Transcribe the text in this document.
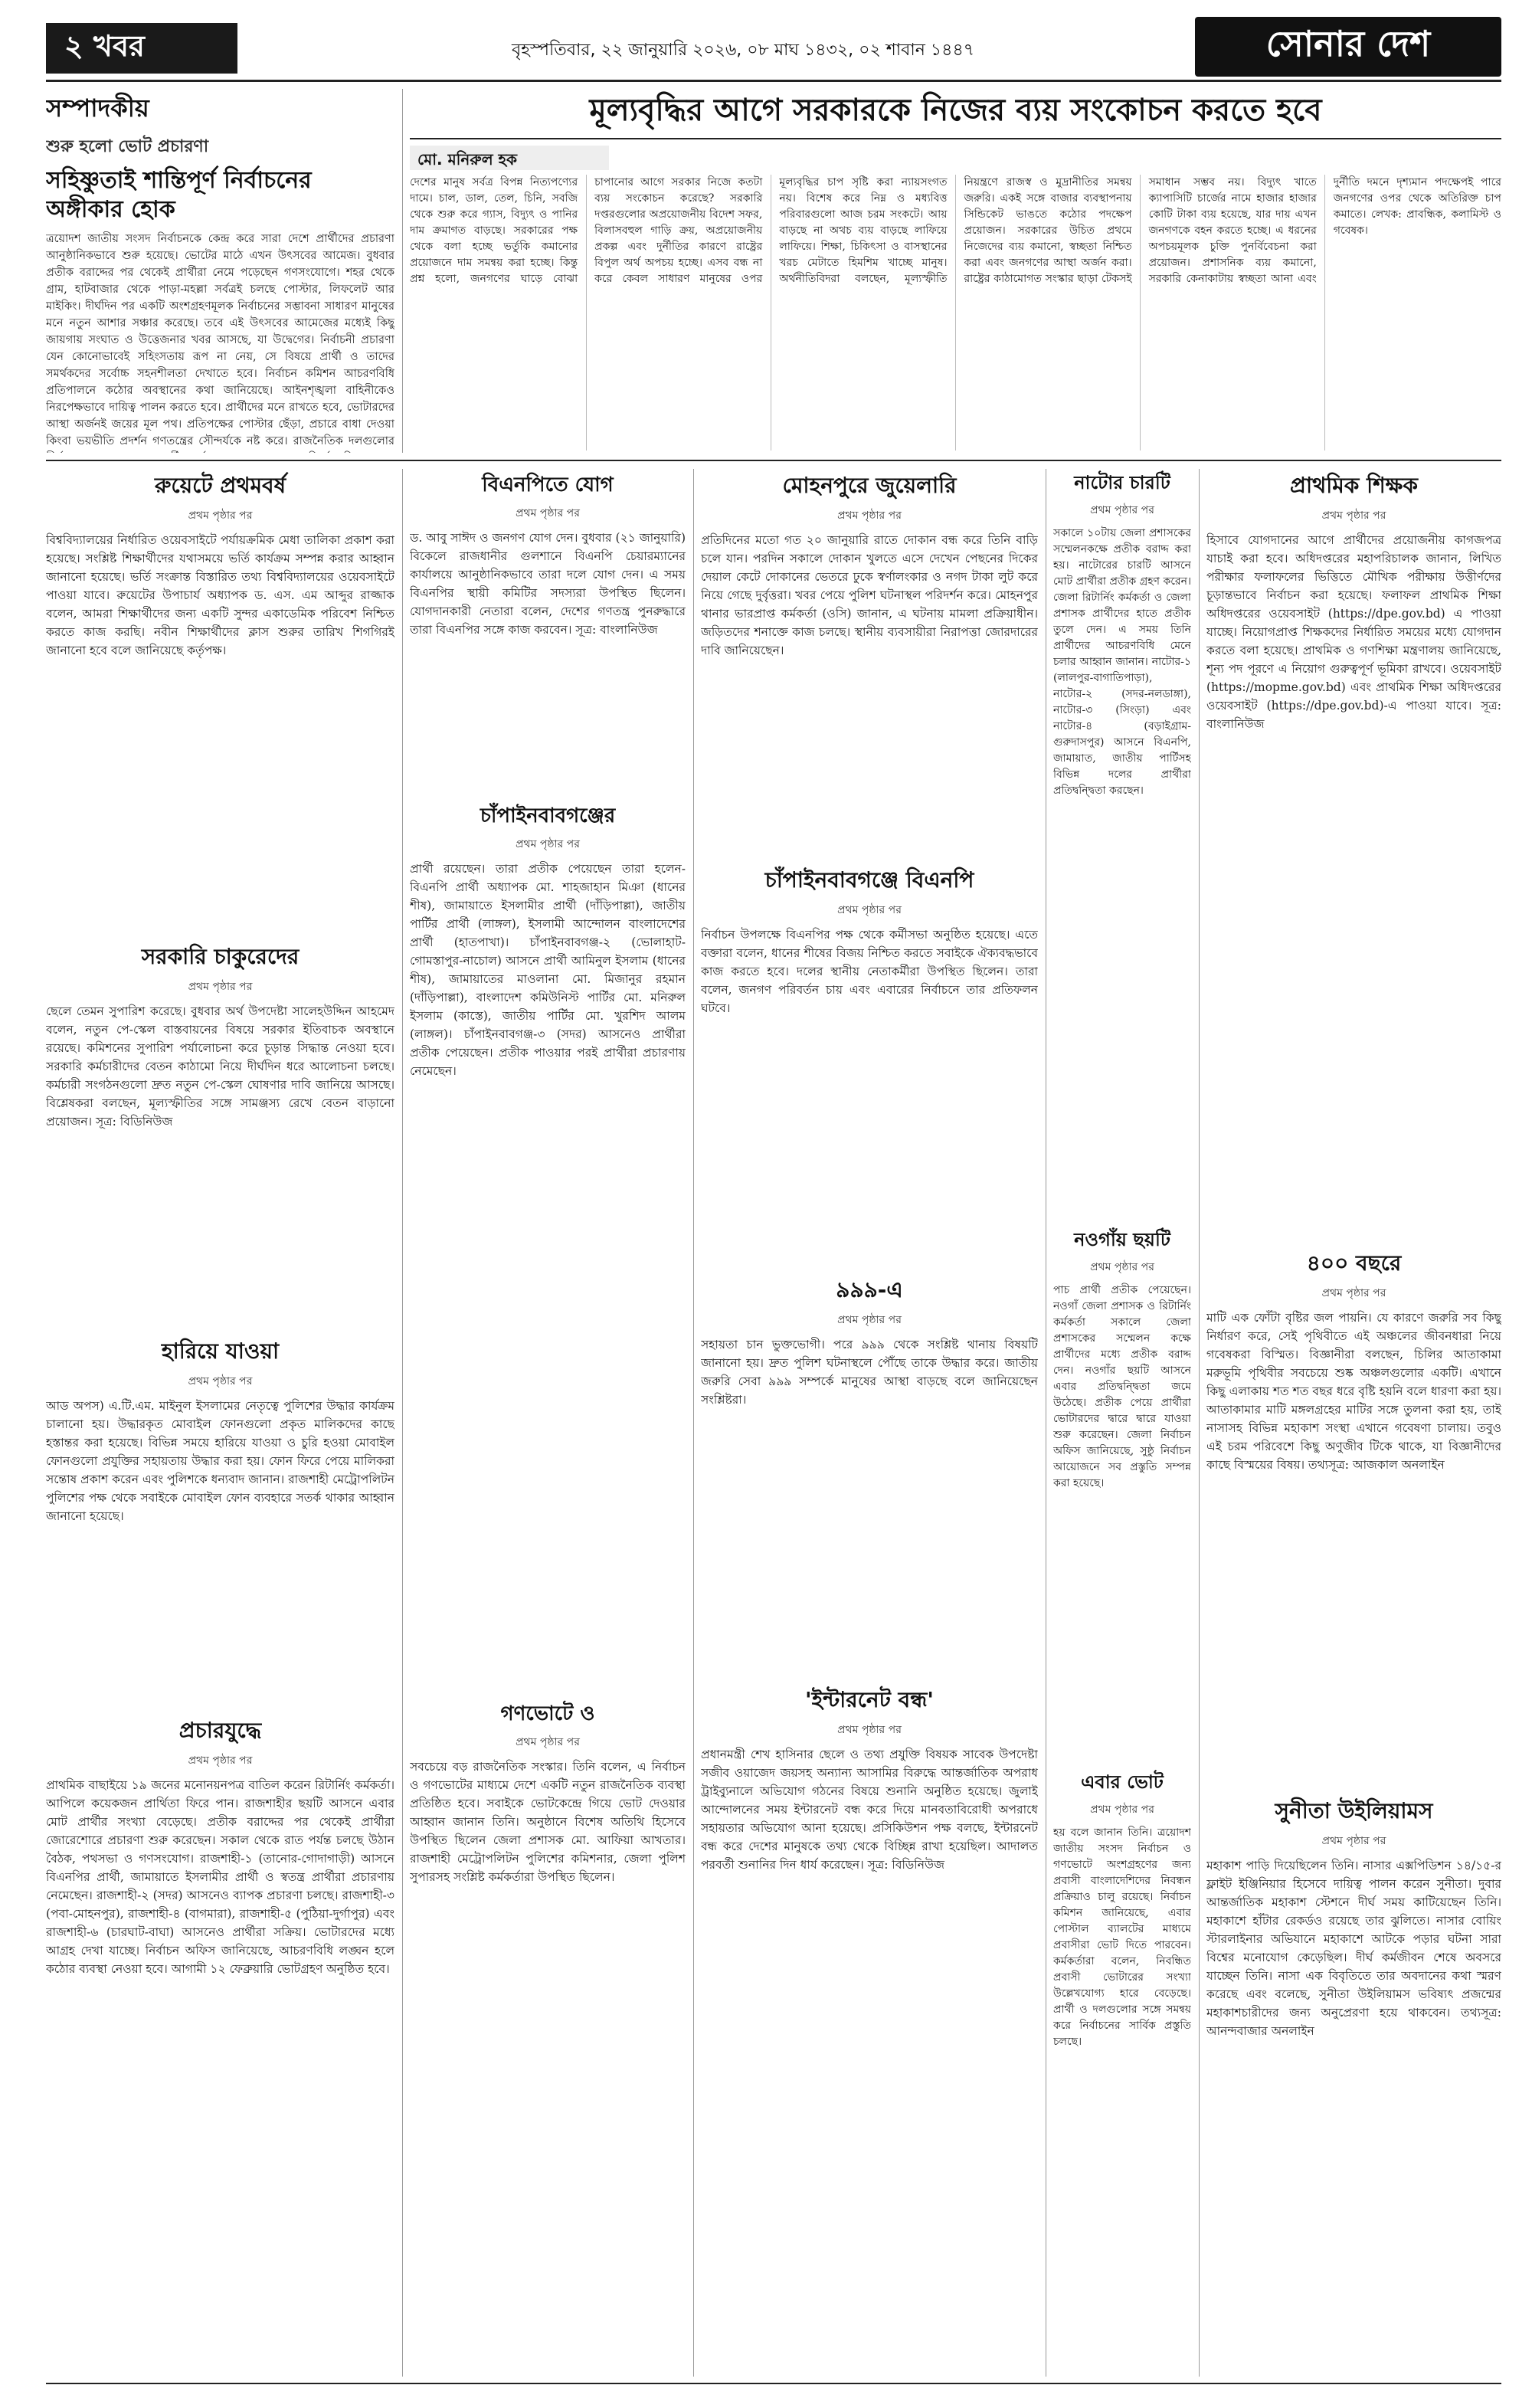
২ খবর	বৃহস্পতিবার, ২২ জানুয়ারি ২০২৬, ০৮ মাঘ ১৪৩২, ০২ শাবান ১৪৪৭	সোনার দেশ
সম্পাদকীয়
শুরু হলো ভোট প্রচারণা
সহিষ্ণুতাই শান্তিপূর্ণ নির্বাচনের অঙ্গীকার হোক
ত্রয়োদশ জাতীয় সংসদ নির্বাচনকে কেন্দ্র করে সারা দেশে প্রার্থীদের প্রচারণা আনুষ্ঠানিকভাবে শুরু হয়েছে। ভোটের মাঠে এখন উৎসবের আমেজ। বুধবার প্রতীক বরাদ্দের পর থেকেই প্রার্থীরা নেমে পড়েছেন গণসংযোগে। শহর থেকে গ্রাম, হাটবাজার থেকে পাড়া-মহল্লা সর্বত্রই চলছে পোস্টার, লিফলেট আর মাইকিং। দীর্ঘদিন পর একটি অংশগ্রহণমূলক নির্বাচনের সম্ভাবনা সাধারণ মানুষের মনে নতুন আশার সঞ্চার করেছে। তবে এই উৎসবের আমেজের মধ্যেই কিছু জায়গায় সংঘাত ও উত্তেজনার খবর আসছে, যা উদ্বেগের। নির্বাচনী প্রচারণা যেন কোনোভাবেই সহিংসতায় রূপ না নেয়, সে বিষয়ে প্রার্থী ও তাদের সমর্থকদের সর্বোচ্চ সহনশীলতা দেখাতে হবে। নির্বাচন কমিশন আচরণবিধি প্রতিপালনে কঠোর অবস্থানের কথা জানিয়েছে। আইনশৃঙ্খলা বাহিনীকেও নিরপেক্ষভাবে দায়িত্ব পালন করতে হবে। প্রার্থীদের মনে রাখতে হবে, ভোটারদের আস্থা অর্জনই জয়ের মূল পথ। প্রতিপক্ষের পোস্টার ছেঁড়া, প্রচারে বাধা দেওয়া কিংবা ভয়ভীতি প্রদর্শন গণতন্ত্রের সৌন্দর্যকে নষ্ট করে। রাজনৈতিক দলগুলোর
মূল্যবৃদ্ধির আগে সরকারকে নিজের ব্যয় সংকোচন করতে হবে
মো. মনিরুল হক
দেশের মানুষ সর্বত্র বিপন্ন নিত্যপণ্যের দামে। চাল, ডাল, তেল, চিনি, সবজি থেকে শুরু করে গ্যাস, বিদ্যুৎ ও পানির দাম ক্রমাগত বাড়ছে। সরকারের পক্ষ থেকে বলা হচ্ছে ভর্তুকি কমানোর প্রয়োজনে দাম সমন্বয় করা হচ্ছে। কিন্তু প্রশ্ন হলো, জনগণের ঘাড়ে বোঝা চাপানোর আগে সরকার নিজে কতটা ব্যয় সংকোচন করেছে? সরকারি দপ্তরগুলোর অপ্রয়োজনীয় বিদেশ সফর, বিলাসবহুল গাড়ি ক্রয়, অপ্রয়োজনীয় প্রকল্প এবং দুর্নীতির কারণে রাষ্ট্রের বিপুল অর্থ অপচয় হচ্ছে। এসব বন্ধ না করে কেবল সাধারণ মানুষের ওপর মূল্যবৃদ্ধির চাপ সৃষ্টি করা ন্যায়সংগত নয়। বিশেষ করে নিম্ন ও মধ্যবিত্ত পরিবারগুলো আজ চরম সংকটে। আয় বাড়ছে না অথচ ব্যয় বাড়ছে লাফিয়ে লাফিয়ে। শিক্ষা, চিকিৎসা ও বাসস্থানের খরচ মেটাতে হিমশিম খাচ্ছে মানুষ। অর্থনীতিবিদরা বলছেন, মূল্যস্ফীতি নিয়ন্ত্রণে রাজস্ব ও মুদ্রানীতির সমন্বয় জরুরি। একই সঙ্গে বাজার ব্যবস্থাপনায় সিন্ডিকেট ভাঙতে কঠোর পদক্ষেপ প্রয়োজন। সরকারের উচিত প্রথমে নিজেদের ব্যয় কমানো, স্বচ্ছতা নিশ্চিত করা এবং জনগণের আস্থা অর্জন করা। রাষ্ট্রের কাঠামোগত সংস্কার ছাড়া টেকসই সমাধান সম্ভব নয়। বিদ্যুৎ খাতে ক্যাপাসিটি চার্জের নামে হাজার হাজার কোটি টাকা ব্যয় হয়েছে, যার দায় এখন জনগণকে বহন করতে হচ্ছে। এ ধরনের অপচয়মূলক চুক্তি পুনর্বিবেচনা করা প্রয়োজন। প্রশাসনিক ব্যয় কমানো, সরকারি কেনাকাটায় স্বচ্ছতা আনা এবং দুর্নীতি দমনে দৃশ্যমান পদক্ষেপই পারে জনগণের ওপর থেকে অতিরিক্ত চাপ কমাতে। লেখক: প্রাবন্ধিক, কলামিস্ট ও গবেষক।
রুয়েটে প্রথমবর্ষ
প্রথম পৃষ্ঠার পর
বিশ্ববিদ্যালয়ের নির্ধারিত ওয়েবসাইটে পর্যায়ক্রমিক মেধা তালিকা প্রকাশ করা হয়েছে। সংশ্লিষ্ট শিক্ষার্থীদের যথাসময়ে ভর্তি কার্যক্রম সম্পন্ন করার আহ্বান জানানো হয়েছে। ভর্তি সংক্রান্ত বিস্তারিত তথ্য বিশ্ববিদ্যালয়ের ওয়েবসাইটে পাওয়া যাবে। রুয়েটের উপাচার্য অধ্যাপক ড. এস. এম আব্দুর রাজ্জাক বলেন, আমরা শিক্ষার্থীদের জন্য একটি সুন্দর একাডেমিক পরিবেশ নিশ্চিত করতে কাজ করছি। নবীন শিক্ষার্থীদের ক্লাস শুরুর তারিখ শিগগিরই জানানো হবে বলে জানিয়েছে কর্তৃপক্ষ।
সরকারি চাকুরেদের
প্রথম পৃষ্ঠার পর
ছেলে তেমন সুপারিশ করেছে। বুধবার অর্থ উপদেষ্টা সালেহউদ্দিন আহমেদ বলেন, নতুন পে-স্কেল বাস্তবায়নের বিষয়ে সরকার ইতিবাচক অবস্থানে রয়েছে। কমিশনের সুপারিশ পর্যালোচনা করে চূড়ান্ত সিদ্ধান্ত নেওয়া হবে। সরকারি কর্মচারীদের বেতন কাঠামো নিয়ে দীর্ঘদিন ধরে আলোচনা চলছে। কর্মচারী সংগঠনগুলো দ্রুত নতুন পে-স্কেল ঘোষণার দাবি জানিয়ে আসছে। বিশ্লেষকরা বলছেন, মূল্যস্ফীতির সঙ্গে সামঞ্জস্য রেখে বেতন বাড়ানো প্রয়োজন। সূত্র: বিডিনিউজ
হারিয়ে যাওয়া
প্রথম পৃষ্ঠার পর
আড অপস) এ.টি.এম. মাইনুল ইসলামের নেতৃত্বে পুলিশের উদ্ধার কার্যক্রম চালানো হয়। উদ্ধারকৃত মোবাইল ফোনগুলো প্রকৃত মালিকদের কাছে হস্তান্তর করা হয়েছে। বিভিন্ন সময়ে হারিয়ে যাওয়া ও চুরি হওয়া মোবাইল ফোনগুলো প্রযুক্তির সহায়তায় উদ্ধার করা হয়। ফোন ফিরে পেয়ে মালিকরা সন্তোষ প্রকাশ করেন এবং পুলিশকে ধন্যবাদ জানান। রাজশাহী মেট্রোপলিটন পুলিশের পক্ষ থেকে সবাইকে মোবাইল ফোন ব্যবহারে সতর্ক থাকার আহ্বান জানানো হয়েছে।
প্রচারযুদ্ধে
প্রথম পৃষ্ঠার পর
প্রাথমিক বাছাইয়ে ১৯ জনের মনোনয়নপত্র বাতিল করেন রিটার্নিং কর্মকর্তা। আপিলে কয়েকজন প্রার্থিতা ফিরে পান। রাজশাহীর ছয়টি আসনে এবার মোট প্রার্থীর সংখ্যা বেড়েছে। প্রতীক বরাদ্দের পর থেকেই প্রার্থীরা জোরেশোরে প্রচারণা শুরু করেছেন। সকাল থেকে রাত পর্যন্ত চলছে উঠান বৈঠক, পথসভা ও গণসংযোগ। রাজশাহী-১ (তানোর-গোদাগাড়ী) আসনে বিএনপির প্রার্থী, জামায়াতে ইসলামীর প্রার্থী ও স্বতন্ত্র প্রার্থীরা প্রচারণায় নেমেছেন। রাজশাহী-২ (সদর) আসনেও ব্যাপক প্রচারণা চলছে। রাজশাহী-৩ (পবা-মোহনপুর), রাজশাহী-৪ (বাগমারা), রাজশাহী-৫ (পুঠিয়া-দুর্গাপুর) এবং রাজশাহী-৬ (চারঘাট-বাঘা) আসনেও প্রার্থীরা সক্রিয়। ভোটারদের মধ্যে আগ্রহ দেখা যাচ্ছে। নির্বাচন অফিস জানিয়েছে, আচরণবিধি লঙ্ঘন হলে কঠোর ব্যবস্থা নেওয়া হবে। আগামী ১২ ফেব্রুয়ারি ভোটগ্রহণ অনুষ্ঠিত হবে।
বিএনপিতে যোগ
প্রথম পৃষ্ঠার পর
ড. আবু সাঈদ ও জনগণ যোগ দেন। বুধবার (২১ জানুয়ারি) বিকেলে রাজধানীর গুলশানে বিএনপি চেয়ারম্যানের কার্যালয়ে আনুষ্ঠানিকভাবে তারা দলে যোগ দেন। এ সময় বিএনপির স্থায়ী কমিটির সদস্যরা উপস্থিত ছিলেন। যোগদানকারী নেতারা বলেন, দেশের গণতন্ত্র পুনরুদ্ধারে তারা বিএনপির সঙ্গে কাজ করবেন। সূত্র: বাংলানিউজ
চাঁপাইনবাবগঞ্জের
প্রথম পৃষ্ঠার পর
প্রার্থী রয়েছেন। তারা প্রতীক পেয়েছেন তারা হলেন- বিএনপি প্রার্থী অধ্যাপক মো. শাহজাহান মিঞা (ধানের শীষ), জামায়াতে ইসলামীর প্রার্থী (দাঁড়িপাল্লা), জাতীয় পার্টির প্রার্থী (লাঙ্গল), ইসলামী আন্দোলন বাংলাদেশের প্রার্থী (হাতপাখা)। চাঁপাইনবাবগঞ্জ-২ (ভোলাহাট-গোমস্তাপুর-নাচোল) আসনে প্রার্থী আমিনুল ইসলাম (ধানের শীষ), জামায়াতের মাওলানা মো. মিজানুর রহমান (দাঁড়িপাল্লা), বাংলাদেশ কমিউনিস্ট পার্টির মো. মনিরুল ইসলাম (কাস্তে), জাতীয় পার্টির মো. খুরশিদ আলম (লাঙ্গল)। চাঁপাইনবাবগঞ্জ-৩ (সদর) আসনেও প্রার্থীরা প্রতীক পেয়েছেন। প্রতীক পাওয়ার পরই প্রার্থীরা প্রচারণায় নেমেছেন।
গণভোটে ও
প্রথম পৃষ্ঠার পর
সবচেয়ে বড় রাজনৈতিক সংস্কার। তিনি বলেন, এ নির্বাচন ও গণভোটের মাধ্যমে দেশে একটি নতুন রাজনৈতিক ব্যবস্থা প্রতিষ্ঠিত হবে। সবাইকে ভোটকেন্দ্রে গিয়ে ভোট দেওয়ার আহ্বান জানান তিনি। অনুষ্ঠানে বিশেষ অতিথি হিসেবে উপস্থিত ছিলেন জেলা প্রশাসক মো. আফিয়া আখতার। রাজশাহী মেট্রোপলিটন পুলিশের কমিশনার, জেলা পুলিশ সুপারসহ সংশ্লিষ্ট কর্মকর্তারা উপস্থিত ছিলেন।
মোহনপুরে জুয়েলারি
প্রথম পৃষ্ঠার পর
প্রতিদিনের মতো গত ২০ জানুয়ারি রাতে দোকান বন্ধ করে তিনি বাড়ি চলে যান। পরদিন সকালে দোকান খুলতে এসে দেখেন পেছনের দিকের দেয়াল কেটে দোকানের ভেতরে ঢুকে স্বর্ণালংকার ও নগদ টাকা লুট করে নিয়ে গেছে দুর্বৃত্তরা। খবর পেয়ে পুলিশ ঘটনাস্থল পরিদর্শন করে। মোহনপুর থানার ভারপ্রাপ্ত কর্মকর্তা (ওসি) জানান, এ ঘটনায় মামলা প্রক্রিয়াধীন। জড়িতদের শনাক্তে কাজ চলছে। স্থানীয় ব্যবসায়ীরা নিরাপত্তা জোরদারের দাবি জানিয়েছেন।
চাঁপাইনবাবগঞ্জে বিএনপি
প্রথম পৃষ্ঠার পর
নির্বাচন উপলক্ষে বিএনপির পক্ষ থেকে কর্মীসভা অনুষ্ঠিত হয়েছে। এতে বক্তারা বলেন, ধানের শীষের বিজয় নিশ্চিত করতে সবাইকে ঐক্যবদ্ধভাবে কাজ করতে হবে। দলের স্থানীয় নেতাকর্মীরা উপস্থিত ছিলেন। তারা বলেন, জনগণ পরিবর্তন চায় এবং এবারের নির্বাচনে তার প্রতিফলন ঘটবে।
৯৯৯-এ
প্রথম পৃষ্ঠার পর
সহায়তা চান ভুক্তভোগী। পরে ৯৯৯ থেকে সংশ্লিষ্ট থানায় বিষয়টি জানানো হয়। দ্রুত পুলিশ ঘটনাস্থলে পৌঁছে তাকে উদ্ধার করে। জাতীয় জরুরি সেবা ৯৯৯ সম্পর্কে মানুষের আস্থা বাড়ছে বলে জানিয়েছেন সংশ্লিষ্টরা।
'ইন্টারনেট বন্ধ'
প্রথম পৃষ্ঠার পর
প্রধানমন্ত্রী শেখ হাসিনার ছেলে ও তথ্য প্রযুক্তি বিষয়ক সাবেক উপদেষ্টা সজীব ওয়াজেদ জয়সহ অন্যান্য আসামির বিরুদ্ধে আন্তর্জাতিক অপরাধ ট্রাইব্যুনালে অভিযোগ গঠনের বিষয়ে শুনানি অনুষ্ঠিত হয়েছে। জুলাই আন্দোলনের সময় ইন্টারনেট বন্ধ করে দিয়ে মানবতাবিরোধী অপরাধে সহায়তার অভিযোগ আনা হয়েছে। প্রসিকিউশন পক্ষ বলছে, ইন্টারনেট বন্ধ করে দেশের মানুষকে তথ্য থেকে বিচ্ছিন্ন রাখা হয়েছিল। আদালত পরবর্তী শুনানির দিন ধার্য করেছেন। সূত্র: বিডিনিউজ
নাটোর চারটি
প্রথম পৃষ্ঠার পর
সকালে ১০টায় জেলা প্রশাসকের সম্মেলনকক্ষে প্রতীক বরাদ্দ করা হয়। নাটোরের চারটি আসনে মোট প্রার্থীরা প্রতীক গ্রহণ করেন। জেলা রিটার্নিং কর্মকর্তা ও জেলা প্রশাসক প্রার্থীদের হাতে প্রতীক তুলে দেন। এ সময় তিনি প্রার্থীদের আচরণবিধি মেনে চলার আহ্বান জানান। নাটোর-১ (লালপুর-বাগাতিপাড়া), নাটোর-২ (সদর-নলডাঙ্গা), নাটোর-৩ (সিংড়া) এবং নাটোর-৪ (বড়াইগ্রাম-গুরুদাসপুর) আসনে বিএনপি, জামায়াত, জাতীয় পার্টিসহ বিভিন্ন দলের প্রার্থীরা প্রতিদ্বন্দ্বিতা করছেন।
নওগাঁয় ছয়টি
প্রথম পৃষ্ঠার পর
পাচ প্রার্থী প্রতীক পেয়েছেন। নওগাঁ জেলা প্রশাসক ও রিটার্নিং কর্মকর্তা সকালে জেলা প্রশাসকের সম্মেলন কক্ষে প্রার্থীদের মধ্যে প্রতীক বরাদ্দ দেন। নওগাঁর ছয়টি আসনে এবার প্রতিদ্বন্দ্বিতা জমে উঠেছে। প্রতীক পেয়ে প্রার্থীরা ভোটারদের দ্বারে দ্বারে যাওয়া শুরু করেছেন। জেলা নির্বাচন অফিস জানিয়েছে, সুষ্ঠু নির্বাচন আয়োজনে সব প্রস্তুতি সম্পন্ন করা হয়েছে।
এবার ভোট
প্রথম পৃষ্ঠার পর
হয় বলে জানান তিনি। ত্রয়োদশ জাতীয় সংসদ নির্বাচন ও গণভোটে অংশগ্রহণের জন্য প্রবাসী বাংলাদেশিদের নিবন্ধন প্রক্রিয়াও চালু রয়েছে। নির্বাচন কমিশন জানিয়েছে, এবার পোস্টাল ব্যালটের মাধ্যমে প্রবাসীরা ভোট দিতে পারবেন। কর্মকর্তারা বলেন, নিবন্ধিত প্রবাসী ভোটারের সংখ্যা উল্লেখযোগ্য হারে বেড়েছে। প্রার্থী ও দলগুলোর সঙ্গে সমন্বয় করে নির্বাচনের সার্বিক প্রস্তুতি চলছে।
প্রাথমিক শিক্ষক
প্রথম পৃষ্ঠার পর
হিসাবে যোগদানের আগে প্রার্থীদের প্রয়োজনীয় কাগজপত্র যাচাই করা হবে। অধিদপ্তরের মহাপরিচালক জানান, লিখিত পরীক্ষার ফলাফলের ভিত্তিতে মৌখিক পরীক্ষায় উত্তীর্ণদের চূড়ান্তভাবে নির্বাচন করা হয়েছে। ফলাফল প্রাথমিক শিক্ষা অধিদপ্তরের ওয়েবসাইট (https://dpe.gov.bd) এ পাওয়া যাচ্ছে। নিয়োগপ্রাপ্ত শিক্ষকদের নির্ধারিত সময়ের মধ্যে যোগদান করতে বলা হয়েছে। প্রাথমিক ও গণশিক্ষা মন্ত্রণালয় জানিয়েছে, শূন্য পদ পূরণে এ নিয়োগ গুরুত্বপূর্ণ ভূমিকা রাখবে। ওয়েবসাইট (https://mopme.gov.bd) এবং প্রাথমিক শিক্ষা অধিদপ্তরের ওয়েবসাইট (https://dpe.gov.bd)-এ পাওয়া যাবে। সূত্র: বাংলানিউজ
৪০০ বছরে
প্রথম পৃষ্ঠার পর
মাটি এক ফোঁটা বৃষ্টির জল পায়নি। যে কারণে জরুরি সব কিছু নির্ধারণ করে, সেই পৃথিবীতে এই অঞ্চলের জীবনধারা নিয়ে গবেষকরা বিস্মিত। বিজ্ঞানীরা বলছেন, চিলির আতাকামা মরুভূমি পৃথিবীর সবচেয়ে শুষ্ক অঞ্চলগুলোর একটি। এখানে কিছু এলাকায় শত শত বছর ধরে বৃষ্টি হয়নি বলে ধারণা করা হয়। আতাকামার মাটি মঙ্গলগ্রহের মাটির সঙ্গে তুলনা করা হয়, তাই নাসাসহ বিভিন্ন মহাকাশ সংস্থা এখানে গবেষণা চালায়। তবুও এই চরম পরিবেশে কিছু অণুজীব টিকে থাকে, যা বিজ্ঞানীদের কাছে বিস্ময়ের বিষয়। তথ্যসূত্র: আজকাল অনলাইন
সুনীতা উইলিয়ামস
প্রথম পৃষ্ঠার পর
মহাকাশ পাড়ি দিয়েছিলেন তিনি। নাসার এক্সপিডিশন ১৪/১৫-র ফ্লাইট ইঞ্জিনিয়ার হিসেবে দায়িত্ব পালন করেন সুনীতা। দুবার আন্তর্জাতিক মহাকাশ স্টেশনে দীর্ঘ সময় কাটিয়েছেন তিনি। মহাকাশে হাঁটার রেকর্ডও রয়েছে তার ঝুলিতে। নাসার বোয়িং স্টারলাইনার অভিযানে মহাকাশে আটকে পড়ার ঘটনা সারা বিশ্বের মনোযোগ কেড়েছিল। দীর্ঘ কর্মজীবন শেষে অবসরে যাচ্ছেন তিনি। নাসা এক বিবৃতিতে তার অবদানের কথা স্মরণ করেছে এবং বলেছে, সুনীতা উইলিয়ামস ভবিষ্যৎ প্রজন্মের মহাকাশচারীদের জন্য অনুপ্রেরণা হয়ে থাকবেন। তথ্যসূত্র: আনন্দবাজার অনলাইন
